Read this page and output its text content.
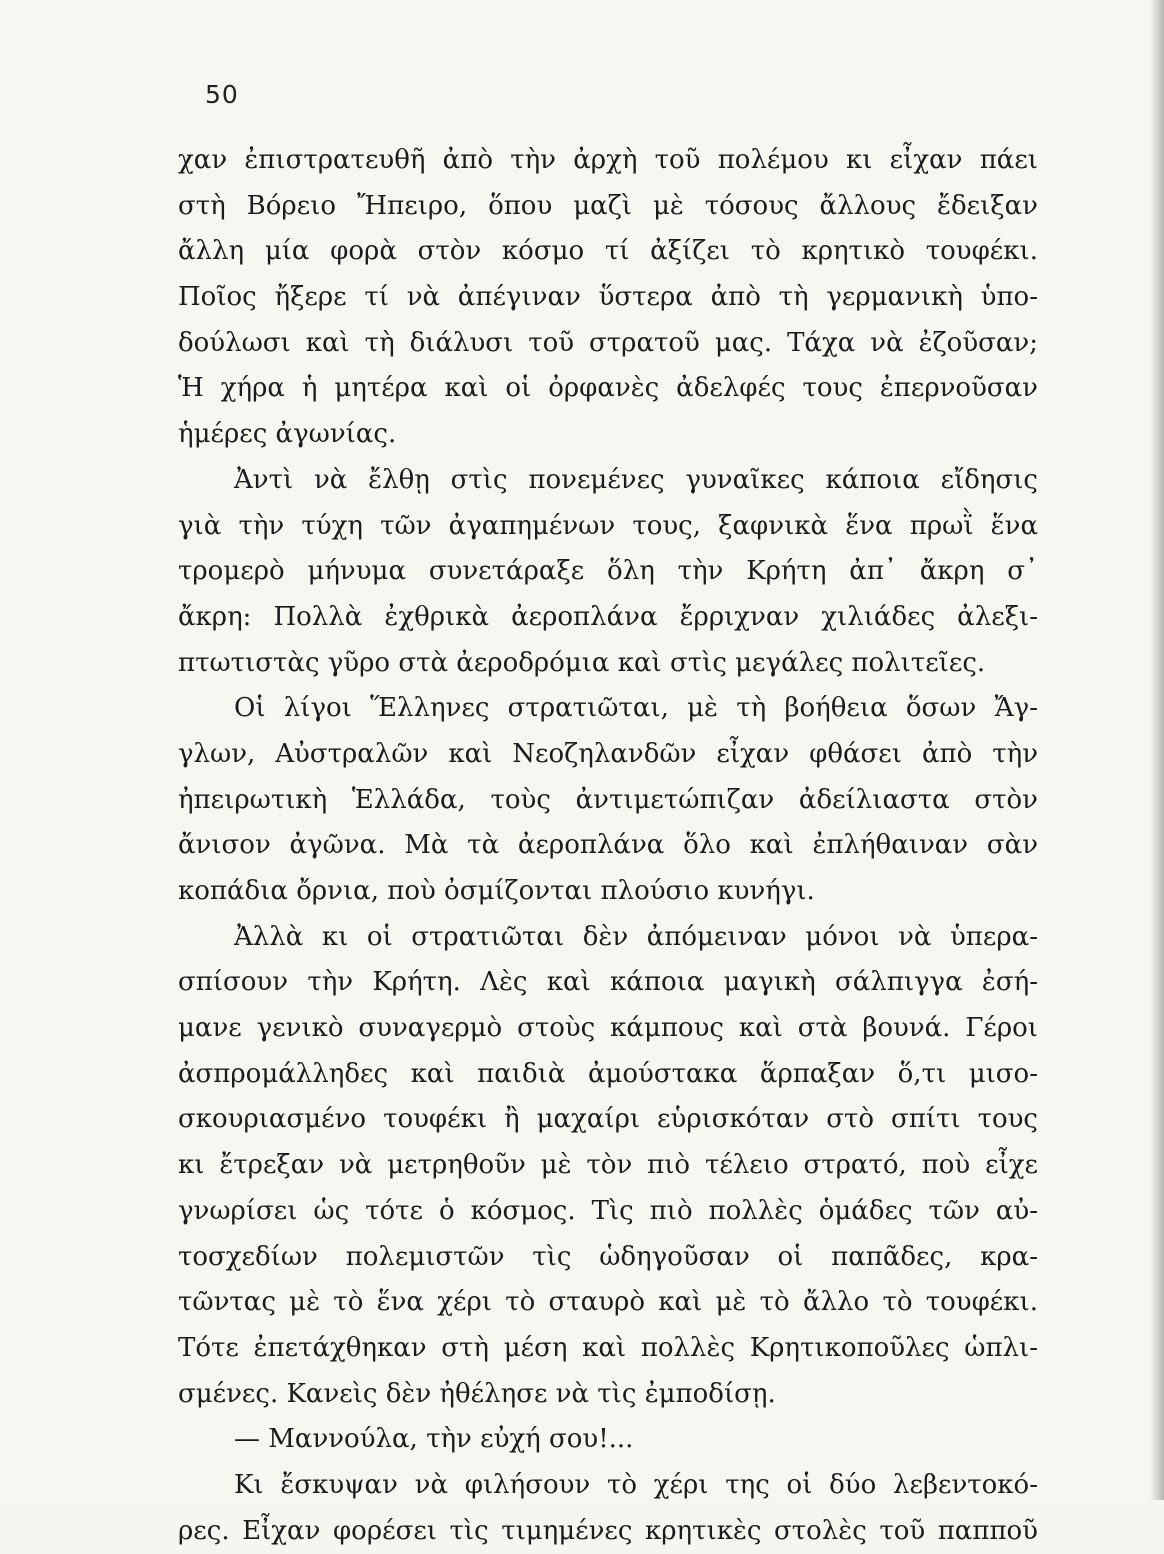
50
χαν ἐπιστρατευθῆ ἀπὸ τὴν ἀρχὴ τοῦ πολέμου κι εἶχαν πάει
στὴ Βόρειο Ἤπειρο, ὅπου μαζὶ μὲ τόσους ἄλλους ἔδειξαν
ἄλλη μία φορὰ στὸν κόσμο τί ἀξίζει τὸ κρητικὸ τουφέκι.
Ποῖος ἤξερε τί νὰ ἀπέγιναν ὕστερα ἀπὸ τὴ γερμανικὴ ὑπο-
δούλωσι καὶ τὴ διάλυσι τοῦ στρατοῦ μας. Τάχα νὰ ἐζοῦσαν;
Ἡ χήρα ἡ μητέρα καὶ οἱ ὀρφανὲς ἀδελφές τους ἐπερνοῦσαν
ἡμέρες ἀγωνίας.
Ἀντὶ νὰ ἔλθῃ στὶς πονεμένες γυναῖκες κάποια εἴδησις
γιὰ τὴν τύχη τῶν ἀγαπημένων τους, ξαφνικὰ ἕνα πρωῒ ἕνα
τρομερὸ μήνυμα συνετάραξε ὅλη τὴν Κρήτη ἀπ᾿ ἄκρη σ᾿
ἄκρη: Πολλὰ ἐχθρικὰ ἀεροπλάνα ἔρριχναν χιλιάδες ἀλεξι-
πτωτιστὰς γῦρο στὰ ἀεροδρόμια καὶ στὶς μεγάλες πολιτεῖες.
Οἱ λίγοι Ἕλληνες στρατιῶται, μὲ τὴ βοήθεια ὅσων Ἄγ-
γλων, Αὐστραλῶν καὶ Νεοζηλανδῶν εἶχαν φθάσει ἀπὸ τὴν
ἠπειρωτικὴ Ἑλλάδα, τοὺς ἀντιμετώπιζαν ἀδείλιαστα στὸν
ἄνισον ἀγῶνα. Μὰ τὰ ἀεροπλάνα ὅλο καὶ ἐπλήθαιναν σὰν
κοπάδια ὄρνια, ποὺ ὀσμίζονται πλούσιο κυνήγι.
Ἀλλὰ κι οἱ στρατιῶται δὲν ἀπόμειναν μόνοι νὰ ὑπερα-
σπίσουν τὴν Κρήτη. Λὲς καὶ κάποια μαγικὴ σάλπιγγα ἐσή-
μανε γενικὸ συναγερμὸ στοὺς κάμπους καὶ στὰ βουνά. Γέροι
ἀσπρομάλληδες καὶ παιδιὰ ἀμούστακα ἅρπαξαν ὅ,τι μισο-
σκουριασμένο τουφέκι ἢ μαχαίρι εὑρισκόταν στὸ σπίτι τους
κι ἔτρεξαν νὰ μετρηθοῦν μὲ τὸν πιὸ τέλειο στρατό, ποὺ εἶχε
γνωρίσει ὡς τότε ὁ κόσμος. Τὶς πιὸ πολλὲς ὁμάδες τῶν αὐ-
τοσχεδίων πολεμιστῶν τὶς ὡδηγοῦσαν οἱ παπᾶδες, κρα-
τῶντας μὲ τὸ ἕνα χέρι τὸ σταυρὸ καὶ μὲ τὸ ἄλλο τὸ τουφέκι.
Τότε ἐπετάχθηκαν στὴ μέση καὶ πολλὲς Κρητικοποῦλες ὡπλι-
σμένες. Κανεὶς δὲν ἠθέλησε νὰ τὶς ἐμποδίσῃ.
— Μαννούλα, τὴν εὐχή σου!...
Κι ἔσκυψαν νὰ φιλήσουν τὸ χέρι της οἱ δύο λεβεντοκό-
ρες. Εἶχαν φορέσει τὶς τιμημένες κρητικὲς στολὲς τοῦ παπποῦ
